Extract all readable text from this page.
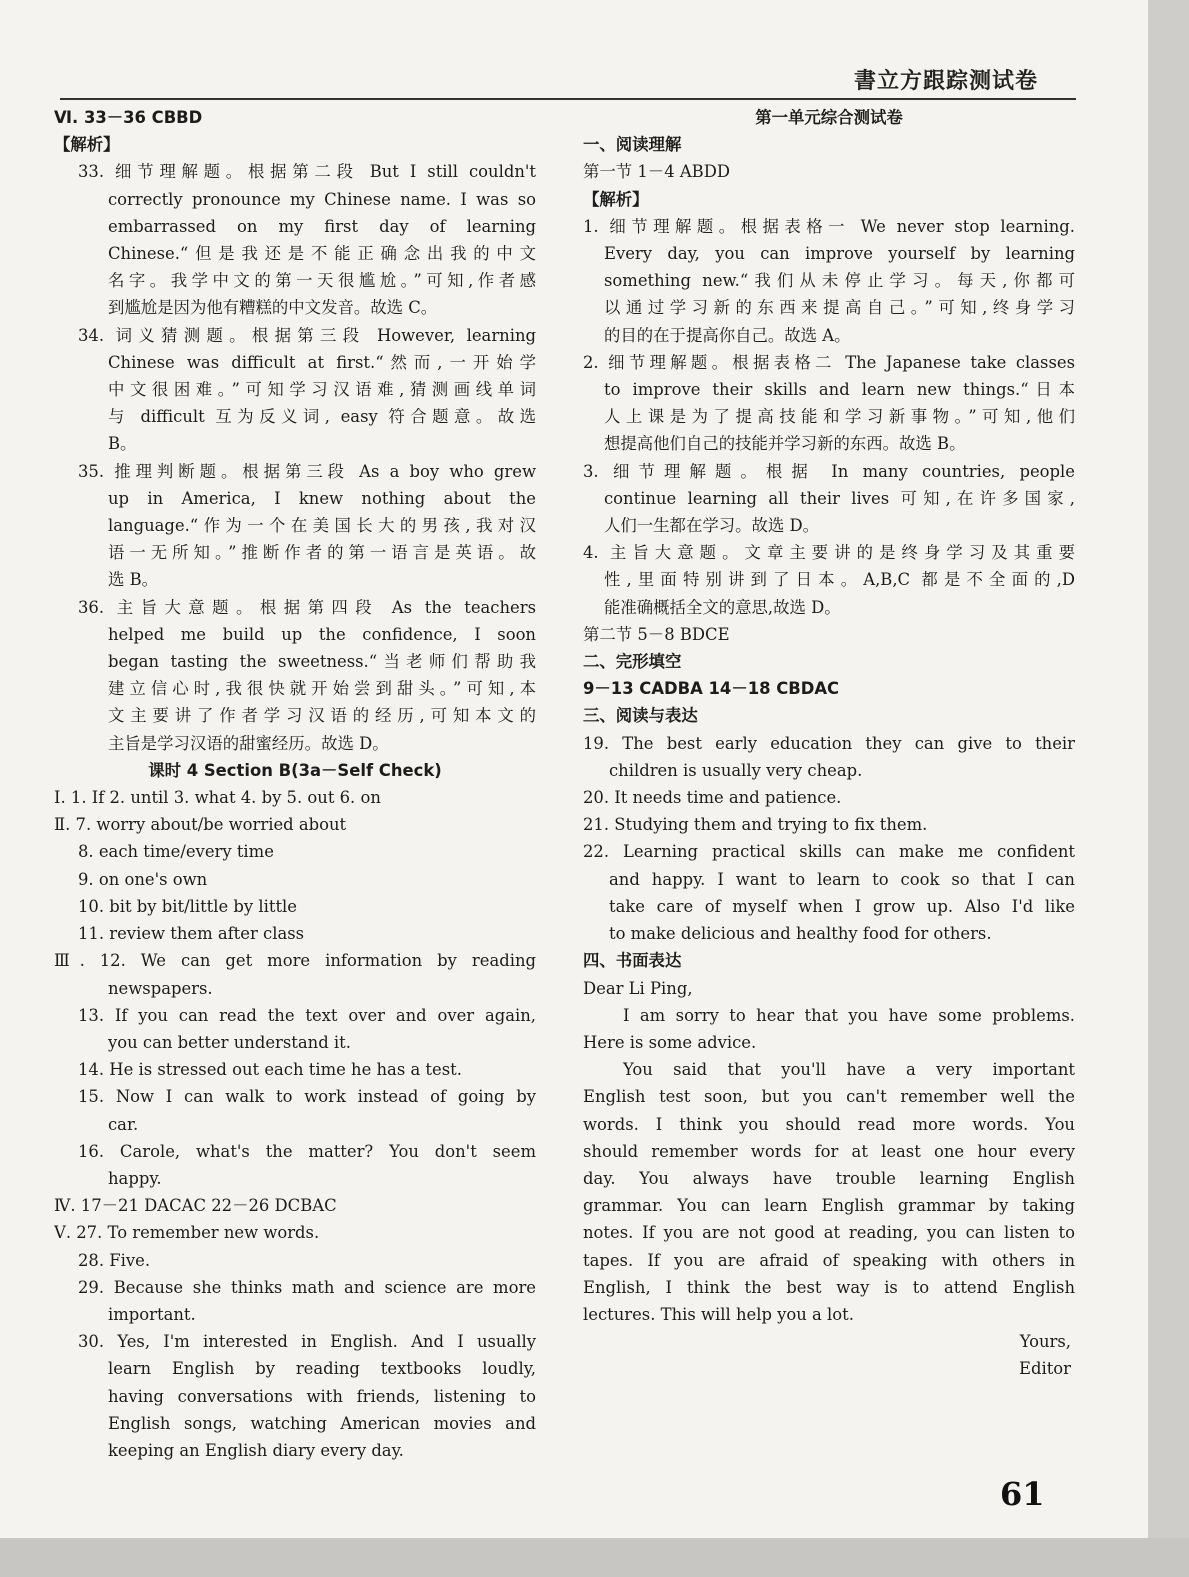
書立方跟踪测试卷
Ⅵ. 33－36 CBBD
【解析】
33. 细节理解题。根据第二段 But I still couldn't
correctly pronounce my Chinese name. I was so
embarrassed on my first day of learning
Chinese.“但是我还是不能正确念出我的中文
名字。我学中文的第一天很尴尬。”可知,作者感
到尴尬是因为他有糟糕的中文发音。故选 C。
34. 词义猜测题。根据第三段 However, learning
Chinese was difficult at first.“然而,一开始学
中文很困难。”可知学习汉语难,猜测画线单词
与 difficult 互为反义词, easy 符合题意。故选
B。
35. 推理判断题。根据第三段 As a boy who grew
up in America, I knew nothing about the
language.“作为一个在美国长大的男孩,我对汉
语一无所知。”推断作者的第一语言是英语。故
选 B。
36. 主旨大意题。根据第四段 As the teachers
helped me build up the confidence, I soon
began tasting the sweetness.“当老师们帮助我
建立信心时,我很快就开始尝到甜头。”可知,本
文主要讲了作者学习汉语的经历,可知本文的
主旨是学习汉语的甜蜜经历。故选 D。
课时 4 Section B(3a－Self Check)
Ⅰ. 1. If 2. until 3. what 4. by 5. out 6. on
Ⅱ. 7. worry about/be worried about
8. each time/every time
9. on one's own
10. bit by bit/little by little
11. review them after class
Ⅲ. 12. We can get more information by reading
newspapers.
13. If you can read the text over and over again,
you can better understand it.
14. He is stressed out each time he has a test.
15. Now I can walk to work instead of going by
car.
16. Carole, what's the matter? You don't seem
happy.
Ⅳ. 17－21 DACAC 22－26 DCBAC
Ⅴ. 27. To remember new words.
28. Five.
29. Because she thinks math and science are more
important.
30. Yes, I'm interested in English. And I usually
learn English by reading textbooks loudly,
having conversations with friends, listening to
English songs, watching American movies and
keeping an English diary every day.
第一单元综合测试卷
一、阅读理解
第一节 1－4 ABDD
【解析】
1. 细节理解题。根据表格一 We never stop learning.
Every day, you can improve yourself by learning
something new.“我们从未停止学习。每天,你都可
以通过学习新的东西来提高自己。”可知,终身学习
的目的在于提高你自己。故选 A。
2. 细节理解题。根据表格二 The Japanese take classes
to improve their skills and learn new things.“日本
人上课是为了提高技能和学习新事物。”可知,他们
想提高他们自己的技能并学习新的东西。故选 B。
3. 细节理解题。根据 In many countries, people
continue learning all their lives 可知,在许多国家,
人们一生都在学习。故选 D。
4. 主旨大意题。文章主要讲的是终身学习及其重要
性,里面特别讲到了日本。A,B,C 都是不全面的,D
能准确概括全文的意思,故选 D。
第二节 5－8 BDCE
二、完形填空
9－13 CADBA 14－18 CBDAC
三、阅读与表达
19. The best early education they can give to their
children is usually very cheap.
20. It needs time and patience.
21. Studying them and trying to fix them.
22. Learning practical skills can make me confident
and happy. I want to learn to cook so that I can
take care of myself when I grow up. Also I'd like
to make delicious and healthy food for others.
四、书面表达
Dear Li Ping,
I am sorry to hear that you have some problems.
Here is some advice.
You said that you'll have a very important
English test soon, but you can't remember well the
words. I think you should read more words. You
should remember words for at least one hour every
day. You always have trouble learning English
grammar. You can learn English grammar by taking
notes. If you are not good at reading, you can listen to
tapes. If you are afraid of speaking with others in
English, I think the best way is to attend English
lectures. This will help you a lot.
Yours,
Editor
61
